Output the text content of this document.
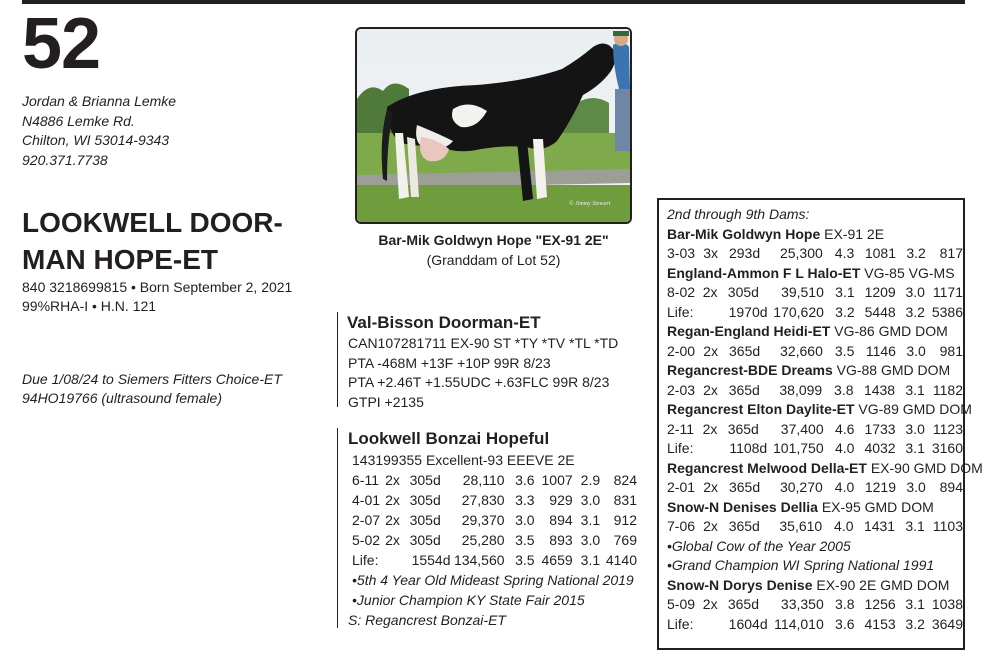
52
Jordan & Brianna Lemke
N4886 Lemke Rd.
Chilton, WI 53014-9343
920.371.7738
LOOKWELL DOOR-
MAN HOPE-ET
840 3218699815 • Born September 2, 2021
99%RHA-I • H.N. 121
Due 1/08/24 to Siemers Fitters Choice-ET
94HO19766 (ultrasound female)
© Jimmy Stewart
Bar-Mik Goldwyn Hope "EX-91 2E"
(Granddam of Lot 52)
Val-Bisson Doorman-ET
CAN107281711 EX-90 ST *TY *TV *TL *TD
PTA -468M +13F +10P 99R 8/23
PTA +2.46T +1.55UDC +.63FLC 99R 8/23
GTPI +2135
Lookwell Bonzai Hopeful
143199355 Excellent-93 EEEVE 2E
6-11	2x	305d	28,110	3.6	1007	2.9	824
4-01	2x	305d	27,830	3.3	929	3.0	831
2-07	2x	305d	29,370	3.0	894	3.1	912
5-02	2x	305d	25,280	3.5	893	3.0	769
Life:		1554d	134,560	3.5	4659	3.1	4140
•5th 4 Year Old Mideast Spring National 2019
•Junior Champion KY State Fair 2015
S: Regancrest Bonzai-ET
2nd through 9th Dams:
Bar-Mik Goldwyn Hope EX-91 2E
3-03	3x	293d	25,300	4.3	1081	3.2	817
England-Ammon F L Halo-ET VG-85 VG-MS
8-02	2x	305d	39,510	3.1	1209	3.0	1171
Life:		1970d	170,620	3.2	5448	3.2	5386
Regan-England Heidi-ET VG-86 GMD DOM
2-00	2x	365d	32,660	3.5	1146	3.0	981
Regancrest-BDE Dreams VG-88 GMD DOM
2-03	2x	365d	38,099	3.8	1438	3.1	1182
Regancrest Elton Daylite-ET VG-89 GMD DOM
2-11	2x	365d	37,400	4.6	1733	3.0	1123
Life:		1108d	101,750	4.0	4032	3.1	3160
Regancrest Melwood Della-ET EX-90 GMD DOM
2-01	2x	365d	30,270	4.0	1219	3.0	894
Snow-N Denises Dellia EX-95 GMD DOM
7-06	2x	365d	35,610	4.0	1431	3.1	1103
•Global Cow of the Year 2005
•Grand Champion WI Spring National 1991
Snow-N Dorys Denise EX-90 2E GMD DOM
5-09	2x	365d	33,350	3.8	1256	3.1	1038
Life:		1604d	114,010	3.6	4153	3.2	3649
